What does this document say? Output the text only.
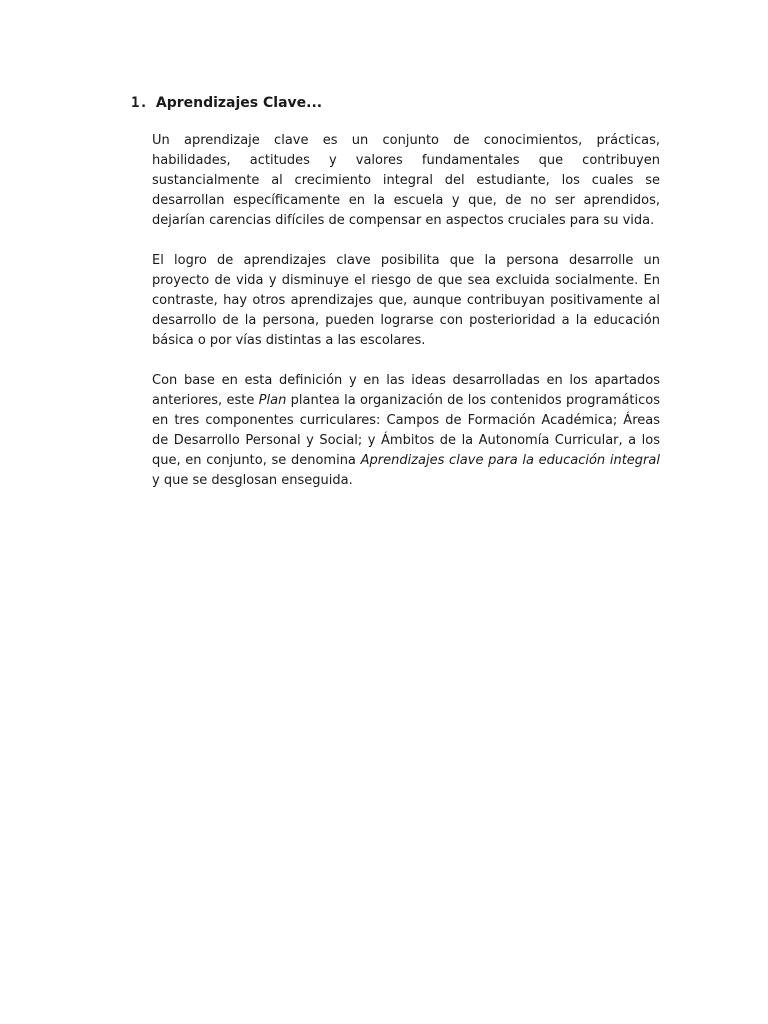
1. Aprendizajes Clave...

Un aprendizaje clave es un conjunto de conocimientos, prácticas, habilidades, actitudes y valores fundamentales que contribuyen sustancialmente al crecimiento integral del estudiante, los cuales se desarrollan específicamente en la escuela y que, de no ser aprendidos, dejarían carencias difíciles de compensar en aspectos cruciales para su vida.

El logro de aprendizajes clave posibilita que la persona desarrolle un proyecto de vida y disminuye el riesgo de que sea excluida socialmente. En contraste, hay otros aprendizajes que, aunque contribuyan positivamente al desarrollo de la persona, pueden lograrse con posterioridad a la educación básica o por vías distintas a las escolares.

Con base en esta definición y en las ideas desarrolladas en los apartados anteriores, este Plan plantea la organización de los contenidos programáticos en tres componentes curriculares: Campos de Formación Académica; Áreas de Desarrollo Personal y Social; y Ámbitos de la Autonomía Curricular, a los que, en conjunto, se denomina Aprendizajes clave para la educación integral y que se desglosan enseguida.
